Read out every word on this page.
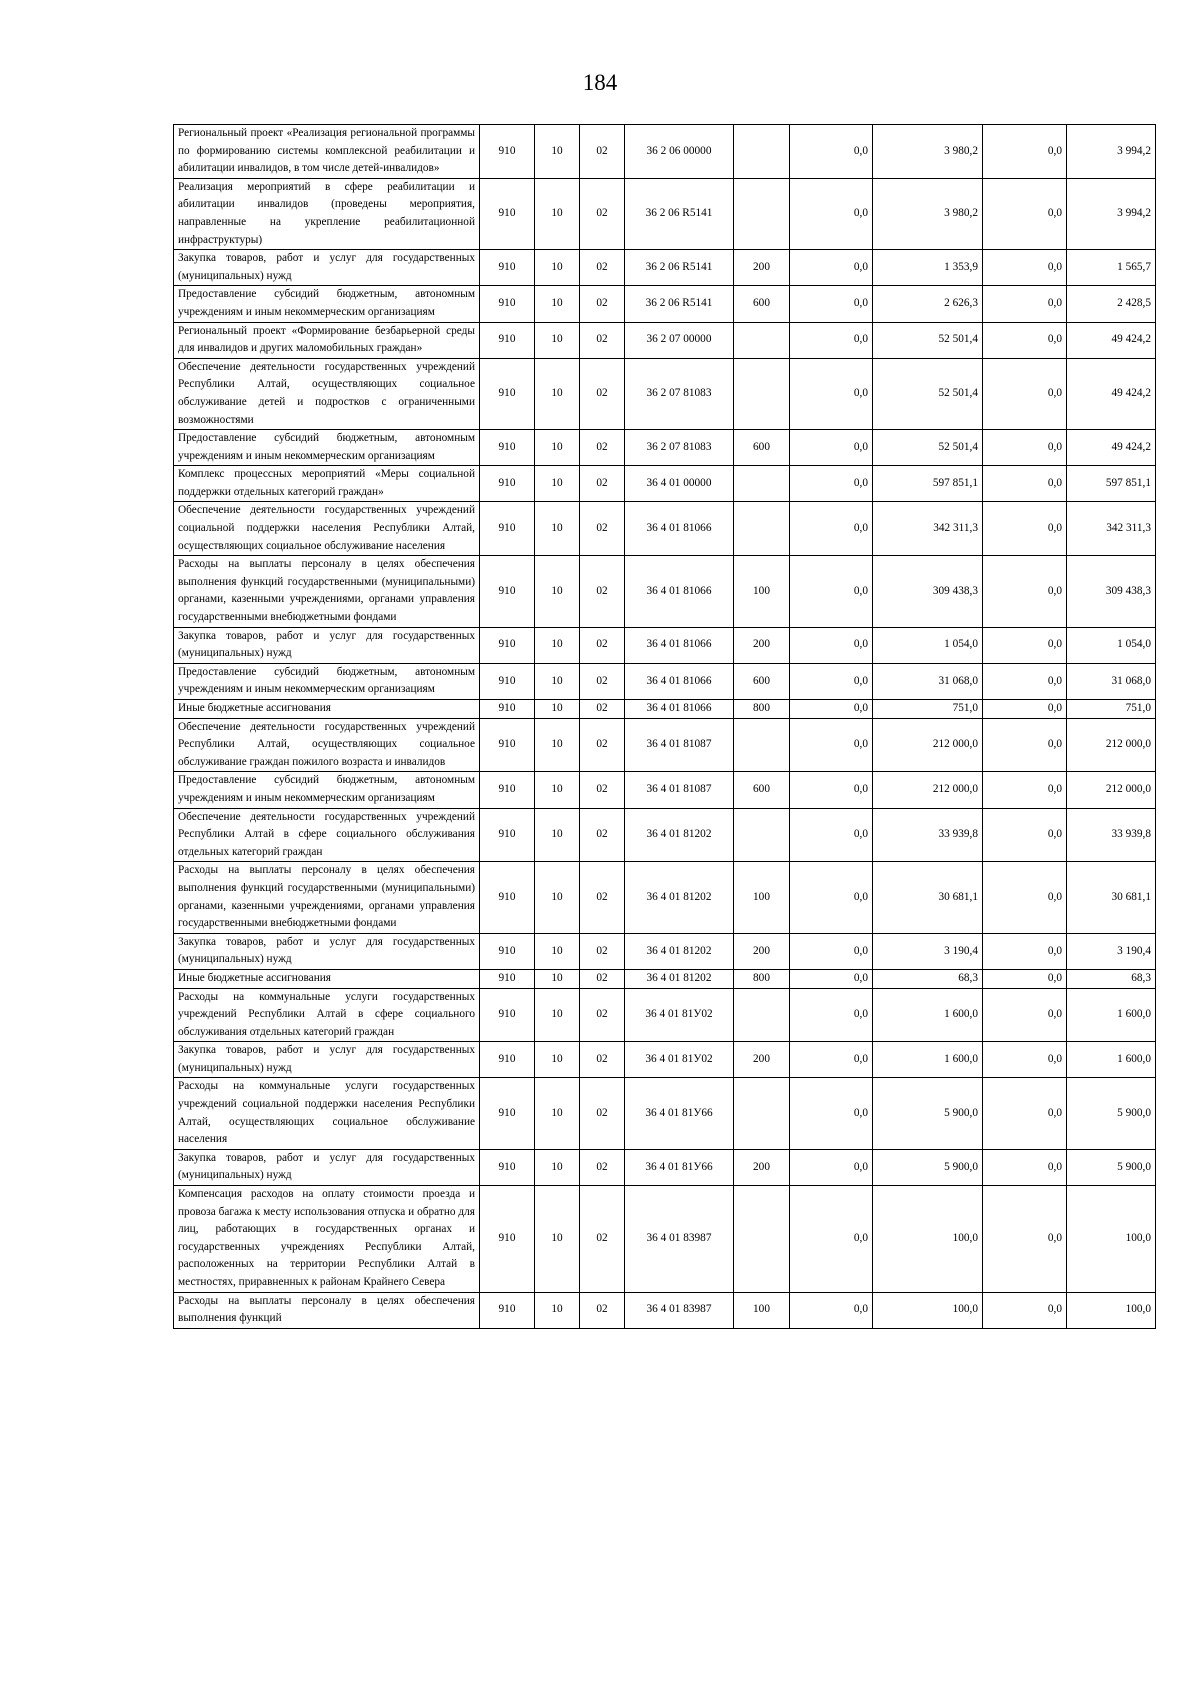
184
Региональный проект «Реализация региональной программы по формированию системы комплексной реабилитации и абилитации инвалидов, в том числе детей-инвалидов»	910	10	02	36 2 06 00000		0,0	3 980,2	0,0	3 994,2
Реализация мероприятий в сфере реабилитации и абилитации инвалидов (проведены мероприятия, направленные на укрепление реабилитационной инфраструктуры)	910	10	02	36 2 06 R5141		0,0	3 980,2	0,0	3 994,2
Закупка товаров, работ и услуг для государственных (муниципальных) нужд	910	10	02	36 2 06 R5141	200	0,0	1 353,9	0,0	1 565,7
Предоставление субсидий бюджетным, автономным учреждениям и иным некоммерческим организациям	910	10	02	36 2 06 R5141	600	0,0	2 626,3	0,0	2 428,5
Региональный проект «Формирование безбарьерной среды для инвалидов и других маломобильных граждан»	910	10	02	36 2 07 00000		0,0	52 501,4	0,0	49 424,2
Обеспечение деятельности государственных учреждений Республики Алтай, осуществляющих социальное обслуживание детей и подростков с ограниченными возможностями	910	10	02	36 2 07 81083		0,0	52 501,4	0,0	49 424,2
Предоставление субсидий бюджетным, автономным учреждениям и иным некоммерческим организациям	910	10	02	36 2 07 81083	600	0,0	52 501,4	0,0	49 424,2
Комплекс процессных мероприятий «Меры социальной поддержки отдельных категорий граждан»	910	10	02	36 4 01 00000		0,0	597 851,1	0,0	597 851,1
Обеспечение деятельности государственных учреждений социальной поддержки населения Республики Алтай, осуществляющих социальное обслуживание населения	910	10	02	36 4 01 81066		0,0	342 311,3	0,0	342 311,3
Расходы на выплаты персоналу в целях обеспечения выполнения функций государственными (муниципальными) органами, казенными учреждениями, органами управления государственными внебюджетными фондами	910	10	02	36 4 01 81066	100	0,0	309 438,3	0,0	309 438,3
Закупка товаров, работ и услуг для государственных (муниципальных) нужд	910	10	02	36 4 01 81066	200	0,0	1 054,0	0,0	1 054,0
Предоставление субсидий бюджетным, автономным учреждениям и иным некоммерческим организациям	910	10	02	36 4 01 81066	600	0,0	31 068,0	0,0	31 068,0
Иные бюджетные ассигнования	910	10	02	36 4 01 81066	800	0,0	751,0	0,0	751,0
Обеспечение деятельности государственных учреждений Республики Алтай, осуществляющих социальное обслуживание граждан пожилого возраста и инвалидов	910	10	02	36 4 01 81087		0,0	212 000,0	0,0	212 000,0
Предоставление субсидий бюджетным, автономным учреждениям и иным некоммерческим организациям	910	10	02	36 4 01 81087	600	0,0	212 000,0	0,0	212 000,0
Обеспечение деятельности государственных учреждений Республики Алтай в сфере социального обслуживания отдельных категорий граждан	910	10	02	36 4 01 81202		0,0	33 939,8	0,0	33 939,8
Расходы на выплаты персоналу в целях обеспечения выполнения функций государственными (муниципальными) органами, казенными учреждениями, органами управления государственными внебюджетными фондами	910	10	02	36 4 01 81202	100	0,0	30 681,1	0,0	30 681,1
Закупка товаров, работ и услуг для государственных (муниципальных) нужд	910	10	02	36 4 01 81202	200	0,0	3 190,4	0,0	3 190,4
Иные бюджетные ассигнования	910	10	02	36 4 01 81202	800	0,0	68,3	0,0	68,3
Расходы на коммунальные услуги государственных учреждений Республики Алтай в сфере социального обслуживания отдельных категорий граждан	910	10	02	36 4 01 81У02		0,0	1 600,0	0,0	1 600,0
Закупка товаров, работ и услуг для государственных (муниципальных) нужд	910	10	02	36 4 01 81У02	200	0,0	1 600,0	0,0	1 600,0
Расходы на коммунальные услуги государственных учреждений социальной поддержки населения Республики Алтай, осуществляющих социальное обслуживание населения	910	10	02	36 4 01 81У66		0,0	5 900,0	0,0	5 900,0
Закупка товаров, работ и услуг для государственных (муниципальных) нужд	910	10	02	36 4 01 81У66	200	0,0	5 900,0	0,0	5 900,0
Компенсация расходов на оплату стоимости проезда и провоза багажа к месту использования отпуска и обратно для лиц, работающих в государственных органах и государственных учреждениях Республики Алтай, расположенных на территории Республики Алтай в местностях, приравненных к районам Крайнего Севера	910	10	02	36 4 01 83987		0,0	100,0	0,0	100,0
Расходы на выплаты персоналу в целях обеспечения выполнения функций	910	10	02	36 4 01 83987	100	0,0	100,0	0,0	100,0
